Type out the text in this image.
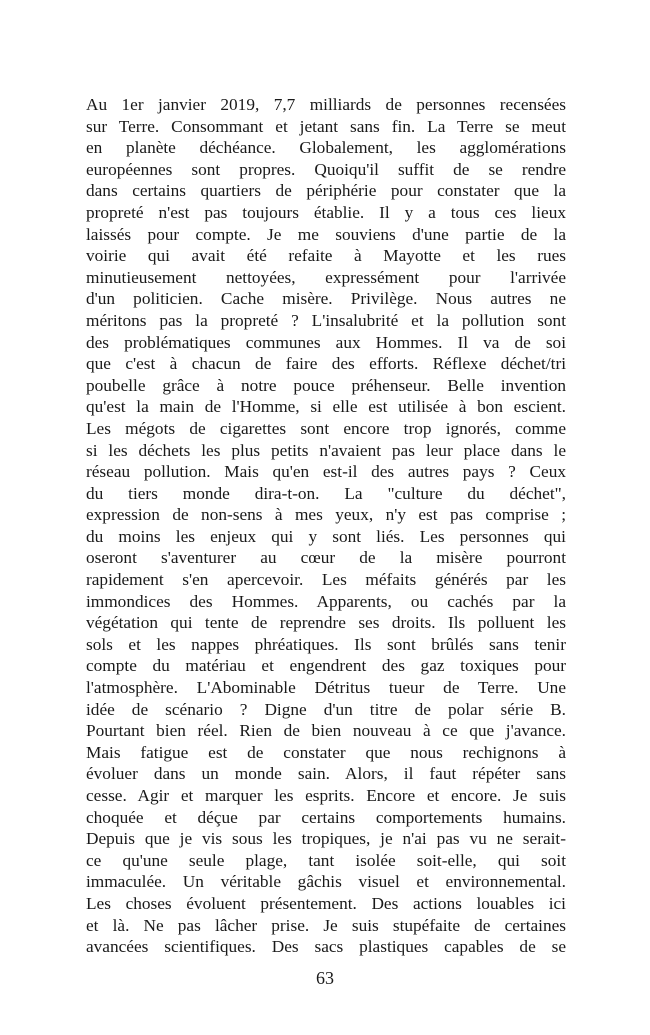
Au 1er janvier 2019, 7,7 milliards de personnes recensées
sur Terre. Consommant et jetant sans fin. La Terre se meut
en planète déchéance. Globalement, les agglomérations
européennes sont propres. Quoiqu'il suffit de se rendre
dans certains quartiers de périphérie pour constater que la
propreté n'est pas toujours établie. Il y a tous ces lieux
laissés pour compte. Je me souviens d'une partie de la
voirie qui avait été refaite à Mayotte et les rues
minutieusement nettoyées, expressément pour l'arrivée
d'un politicien. Cache misère. Privilège. Nous autres ne
méritons pas la propreté ? L'insalubrité et la pollution sont
des problématiques communes aux Hommes. Il va de soi
que c'est à chacun de faire des efforts. Réflexe déchet/tri
poubelle grâce à notre pouce préhenseur. Belle invention
qu'est la main de l'Homme, si elle est utilisée à bon escient.
Les mégots de cigarettes sont encore trop ignorés, comme
si les déchets les plus petits n'avaient pas leur place dans le
réseau pollution. Mais qu'en est-il des autres pays ? Ceux
du tiers monde dira-t-on. La "culture du déchet",
expression de non-sens à mes yeux, n'y est pas comprise ;
du moins les enjeux qui y sont liés. Les personnes qui
oseront s'aventurer au cœur de la misère pourront
rapidement s'en apercevoir. Les méfaits générés par les
immondices des Hommes. Apparents, ou cachés par la
végétation qui tente de reprendre ses droits. Ils polluent les
sols et les nappes phréatiques. Ils sont brûlés sans tenir
compte du matériau et engendrent des gaz toxiques pour
l'atmosphère. L'Abominable Détritus tueur de Terre. Une
idée de scénario ? Digne d'un titre de polar série B.
Pourtant bien réel. Rien de bien nouveau à ce que j'avance.
Mais fatigue est de constater que nous rechignons à
évoluer dans un monde sain. Alors, il faut répéter sans
cesse. Agir et marquer les esprits. Encore et encore. Je suis
choquée et déçue par certains comportements humains.
Depuis que je vis sous les tropiques, je n'ai pas vu ne serait-
ce qu'une seule plage, tant isolée soit-elle, qui soit
immaculée. Un véritable gâchis visuel et environnemental.
Les choses évoluent présentement. Des actions louables ici
et là. Ne pas lâcher prise. Je suis stupéfaite de certaines
avancées scientifiques. Des sacs plastiques capables de se
63
